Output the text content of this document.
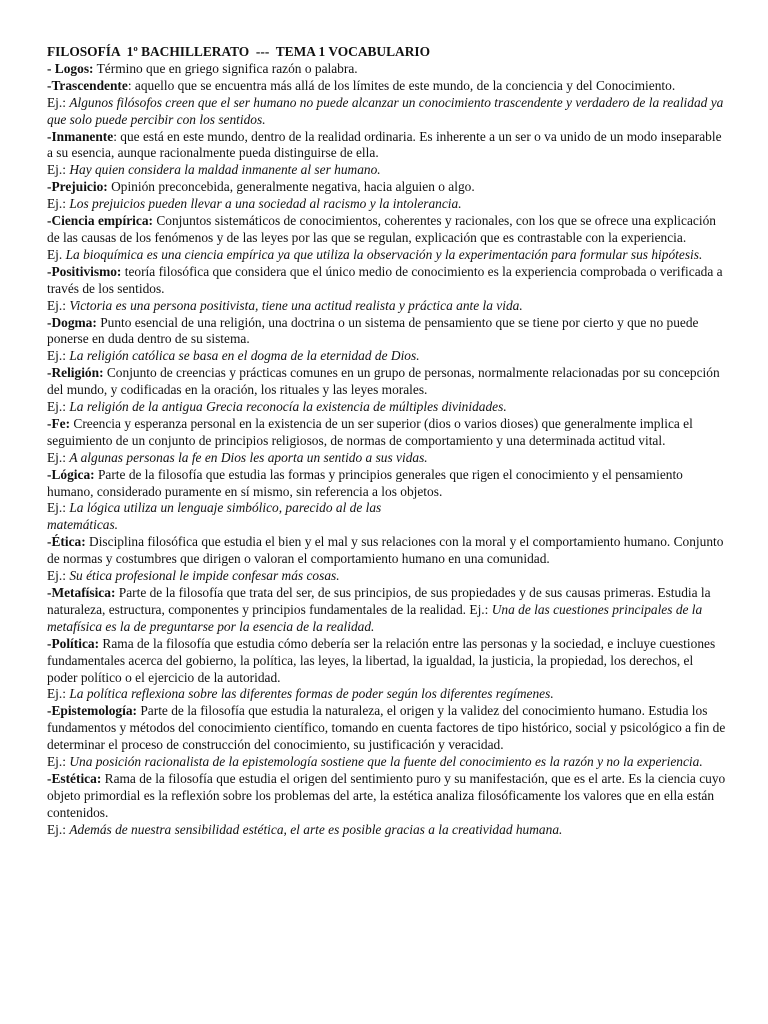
FILOSOFÍA  1º BACHILLERATO  ---  TEMA 1 VOCABULARIO

- Logos: Término que en griego significa razón o palabra.

-Trascendente: aquello que se encuentra más allá de los límites de este mundo, de la conciencia y del Conocimiento.

Ej.: Algunos filósofos creen que el ser humano no puede alcanzar un conocimiento trascendente y verdadero de la realidad ya que solo puede percibir con los sentidos.

-Inmanente: que está en este mundo, dentro de la realidad ordinaria. Es inherente a un ser o va unido de un modo inseparable a su esencia, aunque racionalmente pueda distinguirse de ella.

Ej.: Hay quien considera la maldad inmanente al ser humano.

-Prejuicio: Opinión preconcebida, generalmente negativa, hacia alguien o algo.

Ej.: Los prejuicios pueden llevar a una sociedad al racismo y la intolerancia.

-Ciencia empírica: Conjuntos sistemáticos de conocimientos, coherentes y racionales, con los que se ofrece una explicación de las causas de los fenómenos y de las leyes por las que se regulan, explicación que es contrastable con la experiencia.

Ej. La bioquímica es una ciencia empírica ya que utiliza la observación y la experimentación para formular sus hipótesis.

-Positivismo: teoría filosófica que considera que el único medio de conocimiento es la experiencia comprobada o verificada a través de los sentidos.

Ej.: Victoria es una persona positivista, tiene una actitud realista y práctica ante la vida.

-Dogma: Punto esencial de una religión, una doctrina o un sistema de pensamiento que se tiene por cierto y que no puede ponerse en duda dentro de su sistema.

Ej.: La religión católica se basa en el dogma de la eternidad de Dios.

-Religión: Conjunto de creencias y prácticas comunes en un grupo de personas, normalmente relacionadas por su concepción del mundo, y codificadas en la oración, los rituales y las leyes morales.

Ej.: La religión de la antigua Grecia reconocía la existencia de múltiples divinidades.

-Fe: Creencia y esperanza personal en la existencia de un ser superior (dios o varios dioses) que generalmente implica el seguimiento de un conjunto de principios religiosos, de normas de comportamiento y una determinada actitud vital.

Ej.: A algunas personas la fe en Dios les aporta un sentido a sus vidas.

-Lógica: Parte de la filosofía que estudia las formas y principios generales que rigen el conocimiento y el pensamiento humano, considerado puramente en sí mismo, sin referencia a los objetos.

Ej.: La lógica utiliza un lenguaje simbólico, parecido al de las
matemáticas.

-Ética: Disciplina filosófica que estudia el bien y el mal y sus relaciones con la moral y el comportamiento humano. Conjunto de normas y costumbres que dirigen o valoran el comportamiento humano en una comunidad.

Ej.: Su ética profesional le impide confesar más cosas.

-Metafísica: Parte de la filosofía que trata del ser, de sus principios, de sus propiedades y de sus causas primeras. Estudia la naturaleza, estructura, componentes y principios fundamentales de la realidad. Ej.: Una de las cuestiones principales de la
metafísica es la de preguntarse por la esencia de la realidad.

-Política: Rama de la filosofía que estudia cómo debería ser la relación entre las personas y la sociedad, e incluye cuestiones fundamentales acerca del gobierno, la política, las leyes, la libertad, la igualdad, la justicia, la propiedad, los derechos, el poder político o el ejercicio de la autoridad.

Ej.: La política reflexiona sobre las diferentes formas de poder según los diferentes regímenes.

-Epistemología: Parte de la filosofía que estudia la naturaleza, el origen y la validez del conocimiento humano. Estudia los fundamentos y métodos del conocimiento científico, tomando en cuenta factores de tipo histórico, social y psicológico a fin de determinar el proceso de construcción del conocimiento, su justificación y veracidad.

Ej.: Una posición racionalista de la epistemología sostiene que la fuente del conocimiento es la razón y no la experiencia.

-Estética: Rama de la filosofía que estudia el origen del sentimiento puro y su manifestación, que es el arte. Es la ciencia cuyo objeto primordial es la reflexión sobre los problemas del arte, la estética analiza filosóficamente los valores que en ella están contenidos.

Ej.: Además de nuestra sensibilidad estética, el arte es posible gracias a la creatividad humana.
